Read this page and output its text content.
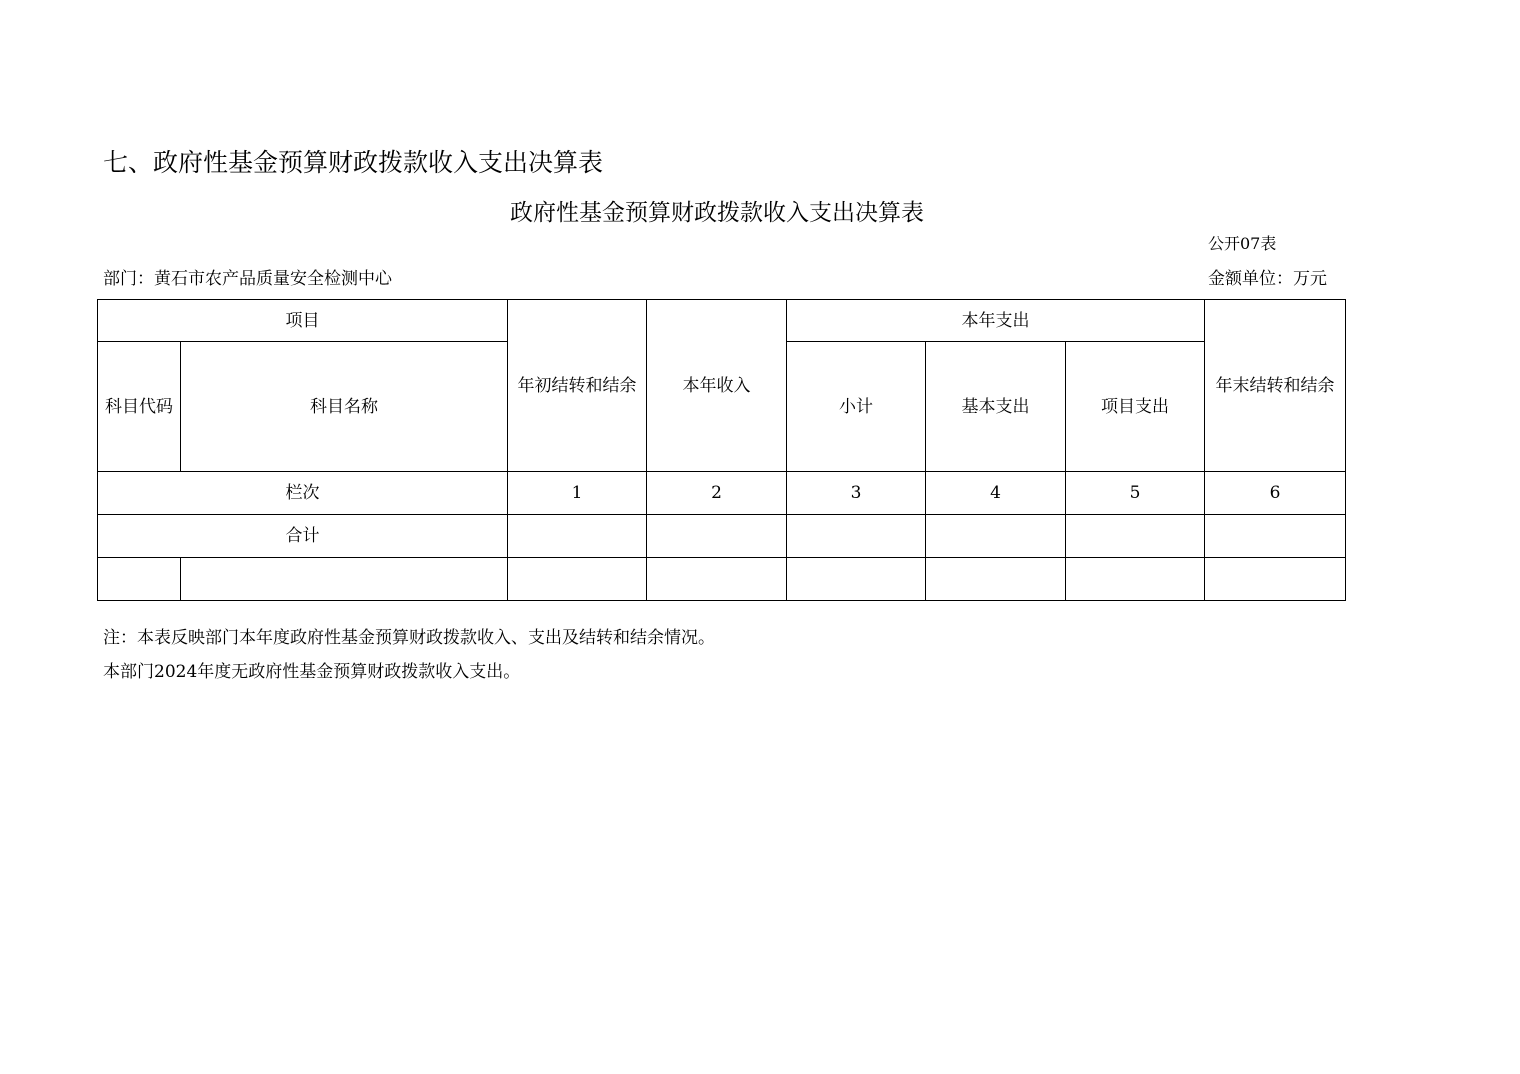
七、政府性基金预算财政拨款收入支出决算表
政府性基金预算财政拨款收入支出决算表
公开07表
部门：黄石市农产品质量安全检测中心	金额单位：万元
项目		年初结转和结余	本年收入	本年支出			年末结转和结余
科目代码	科目名称			小计	基本支出	项目支出	
栏次		1	2	3	4	5	6
合计							

注：本表反映部门本年度政府性基金预算财政拨款收入、支出及结转和结余情况。
本部门2024年度无政府性基金预算财政拨款收入支出。
